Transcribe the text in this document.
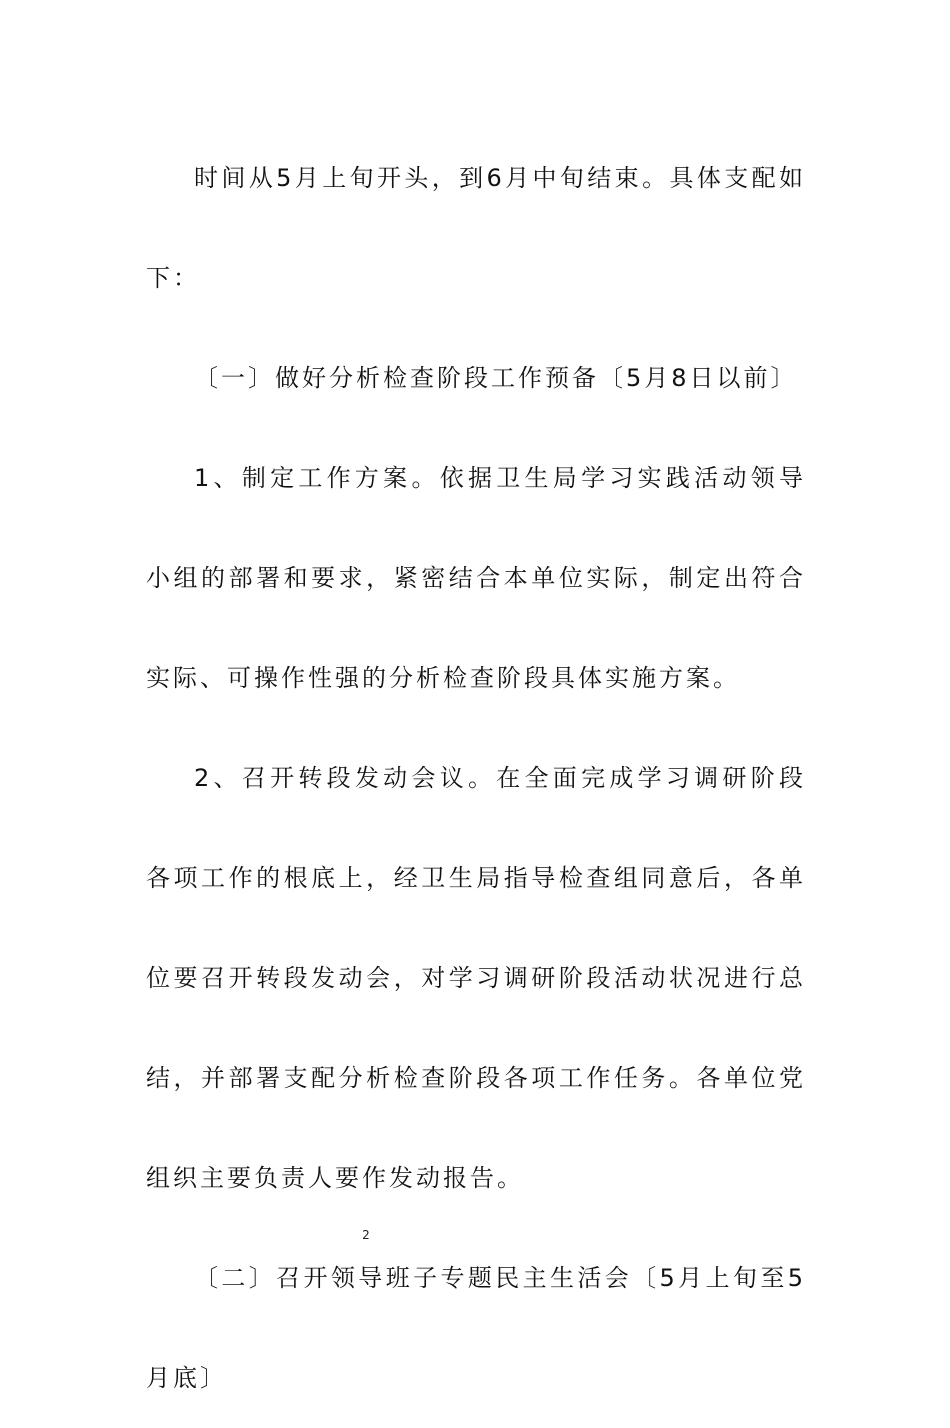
时间从5月上旬开头，到6月中旬结束。具体支配如下：

〔一〕做好分析检查阶段工作预备〔5月8日以前〕

1、制定工作方案。依据卫生局学习实践活动领导小组的部署和要求，紧密结合本单位实际，制定出符合实际、可操作性强的分析检查阶段具体实施方案。

2、召开转段发动会议。在全面完成学习调研阶段各项工作的根底上，经卫生局指导检查组同意后，各单位要召开转段发动会，对学习调研阶段活动状况进行总结，并部署支配分析检查阶段各项工作任务。各单位党组织主要负责人要作发动报告。

〔二〕召开领导班子专题民主生活会〔5月上旬至5月底〕

2
